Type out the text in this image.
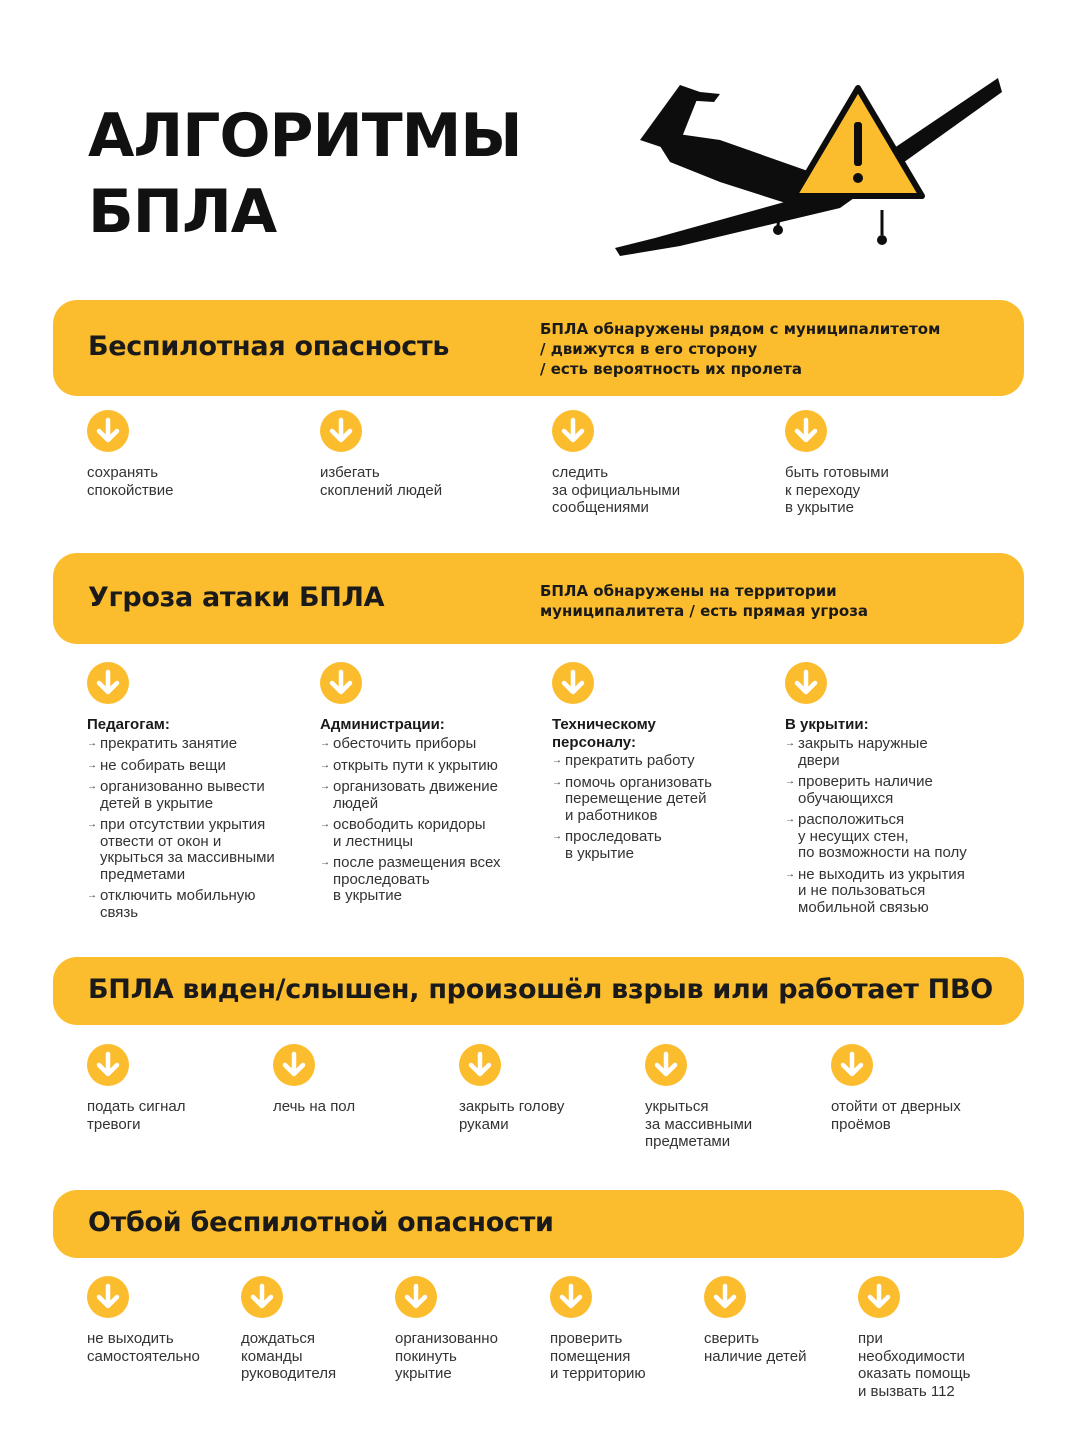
АЛГОРИТМЫ
БПЛА
Беспилотная опасность
БПЛА обнаружены рядом с муниципалитетом
/ движутся в его сторону
/ есть вероятность их пролета
сохранять
спокойствие
избегать
скоплений людей
следить
за официальными
сообщениями
быть готовыми
к переходу
в укрытие
Угроза атаки БПЛА	БПЛА обнаружены на территории
муниципалитета / есть прямая угроза
Педагогам:
→ прекратить занятие
→ не собирать вещи
→ организованно вывести
детей в укрытие
→ при отсутствии укрытия
отвести от окон и
укрыться за массивными
предметами
→ отключить мобильную
связь
Администрации:
→ обесточить приборы
→ открыть пути к укрытию
→ организовать движение
людей
→ освободить коридоры
и лестницы
→ после размещения всех
проследовать
в укрытие
Техническому
персоналу:
→ прекратить работу
→ помочь организовать
перемещение детей
и работников
→ проследовать
в укрытие
В укрытии:
→ закрыть наружные
двери
→ проверить наличие
обучающихся
→ расположиться
у несущих стен,
по возможности на полу
→ не выходить из укрытия
и не пользоваться
мобильной связью
БПЛА виден/слышен, произошёл взрыв или работает ПВО
подать сигнал
тревоги
лечь на пол	закрыть голову
руками
укрыться
за массивными
предметами
отойти от дверных
проёмов
Отбой беспилотной опасности
не выходить
самостоятельно
дождаться
команды
руководителя
организованно
покинуть
укрытие
проверить
помещения
и территорию
сверить
наличие детей
при
необходимости
оказать помощь
и вызвать 112
